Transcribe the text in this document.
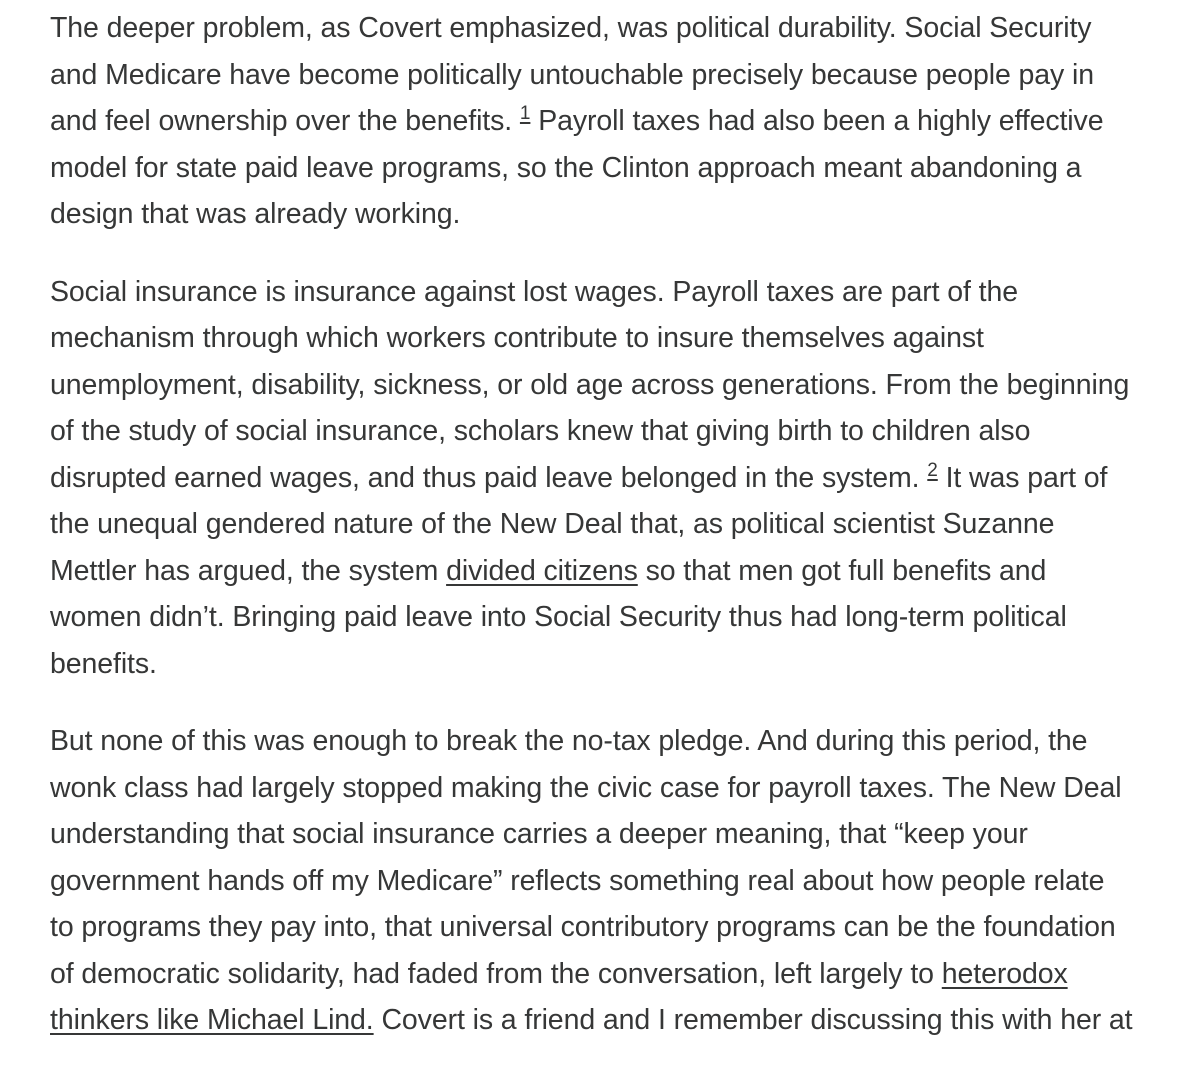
The deeper problem, as Covert emphasized, was political durability. Social Security
and Medicare have become politically untouchable precisely because people pay in
and feel ownership over the benefits. $^1$ Payroll taxes had also been a highly effective
model for state paid leave programs, so the Clinton approach meant abandoning a
design that was already working.

Social insurance is insurance against lost wages. Payroll taxes are part of the
mechanism through which workers contribute to insure themselves against
unemployment, disability, sickness, or old age across generations. From the beginning
of the study of social insurance, scholars knew that giving birth to children also
disrupted earned wages, and thus paid leave belonged in the system. $^2$ It was part of
the unequal gendered nature of the New Deal that, as political scientist Suzanne
Mettler has argued, the system divided citizens so that men got full benefits and
women didn’t. Bringing paid leave into Social Security thus had long-term political
benefits.

But none of this was enough to break the no-tax pledge. And during this period, the
wonk class had largely stopped making the civic case for payroll taxes. The New Deal
understanding that social insurance carries a deeper meaning, that “keep your
government hands off my Medicare” reflects something real about how people relate
to programs they pay into, that universal contributory programs can be the foundation
of democratic solidarity, had faded from the conversation, left largely to heterodox
thinkers like Michael Lind. Covert is a friend and I remember discussing this with her at
